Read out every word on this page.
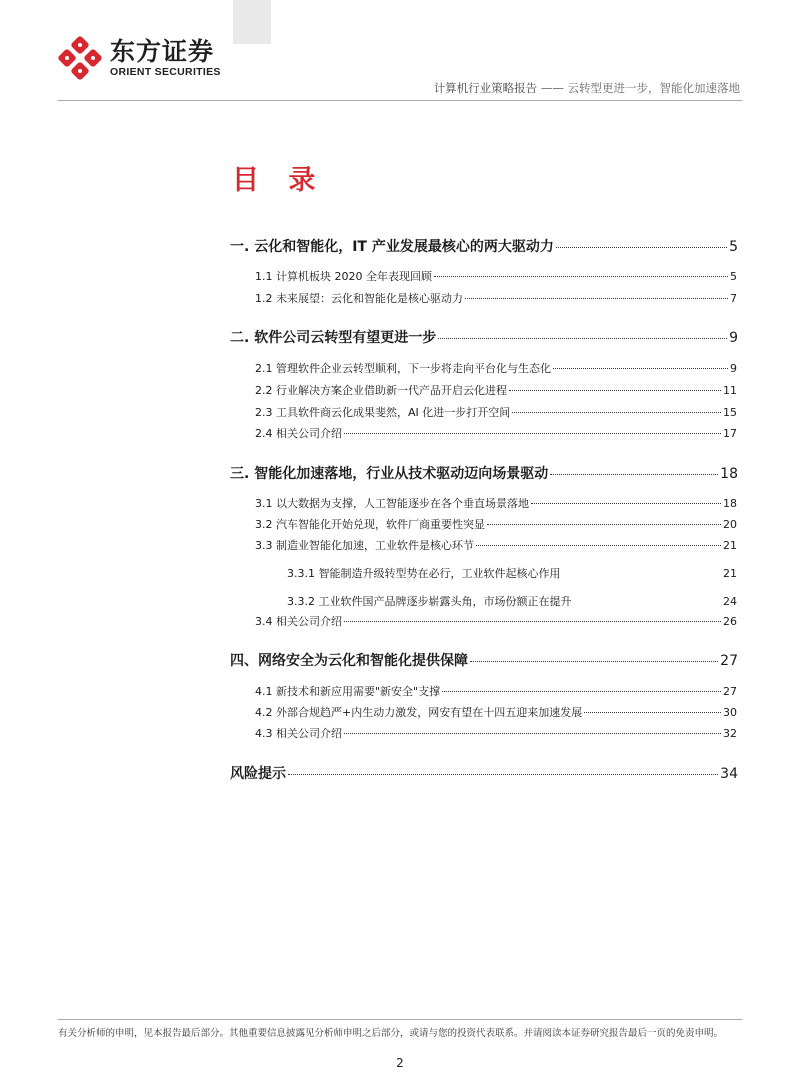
东方证券
ORIENT SECURITIES
计算机行业策略报告 —— 云转型更进一步，智能化加速落地
目 录
一. 云化和智能化，IT 产业发展最核心的两大驱动力	5
1.1 计算机板块 2020 全年表现回顾	5
1.2 未来展望：云化和智能化是核心驱动力	7
二. 软件公司云转型有望更进一步	9
2.1 管理软件企业云转型顺利，下一步将走向平台化与生态化	9
2.2 行业解决方案企业借助新一代产品开启云化进程	11
2.3 工具软件商云化成果斐然，AI 化进一步打开空间	15
2.4 相关公司介绍	17
三. 智能化加速落地，行业从技术驱动迈向场景驱动	18
3.1 以大数据为支撑，人工智能逐步在各个垂直场景落地	18
3.2 汽车智能化开始兑现，软件厂商重要性突显	20
3.3 制造业智能化加速，工业软件是核心环节	21
3.3.1 智能制造升级转型势在必行，工业软件起核心作用	21
3.3.2 工业软件国产品牌逐步崭露头角，市场份额正在提升	24
3.4 相关公司介绍	26
四、网络安全为云化和智能化提供保障	27
4.1 新技术和新应用需要"新安全"支撑	27
4.2 外部合规趋严+内生动力激发，网安有望在十四五迎来加速发展	30
4.3 相关公司介绍	32
风险提示	34
有关分析师的申明，见本报告最后部分。其他重要信息披露见分析师申明之后部分，或请与您的投资代表联系。并请阅读本证券研究报告最后一页的免责申明。
2
